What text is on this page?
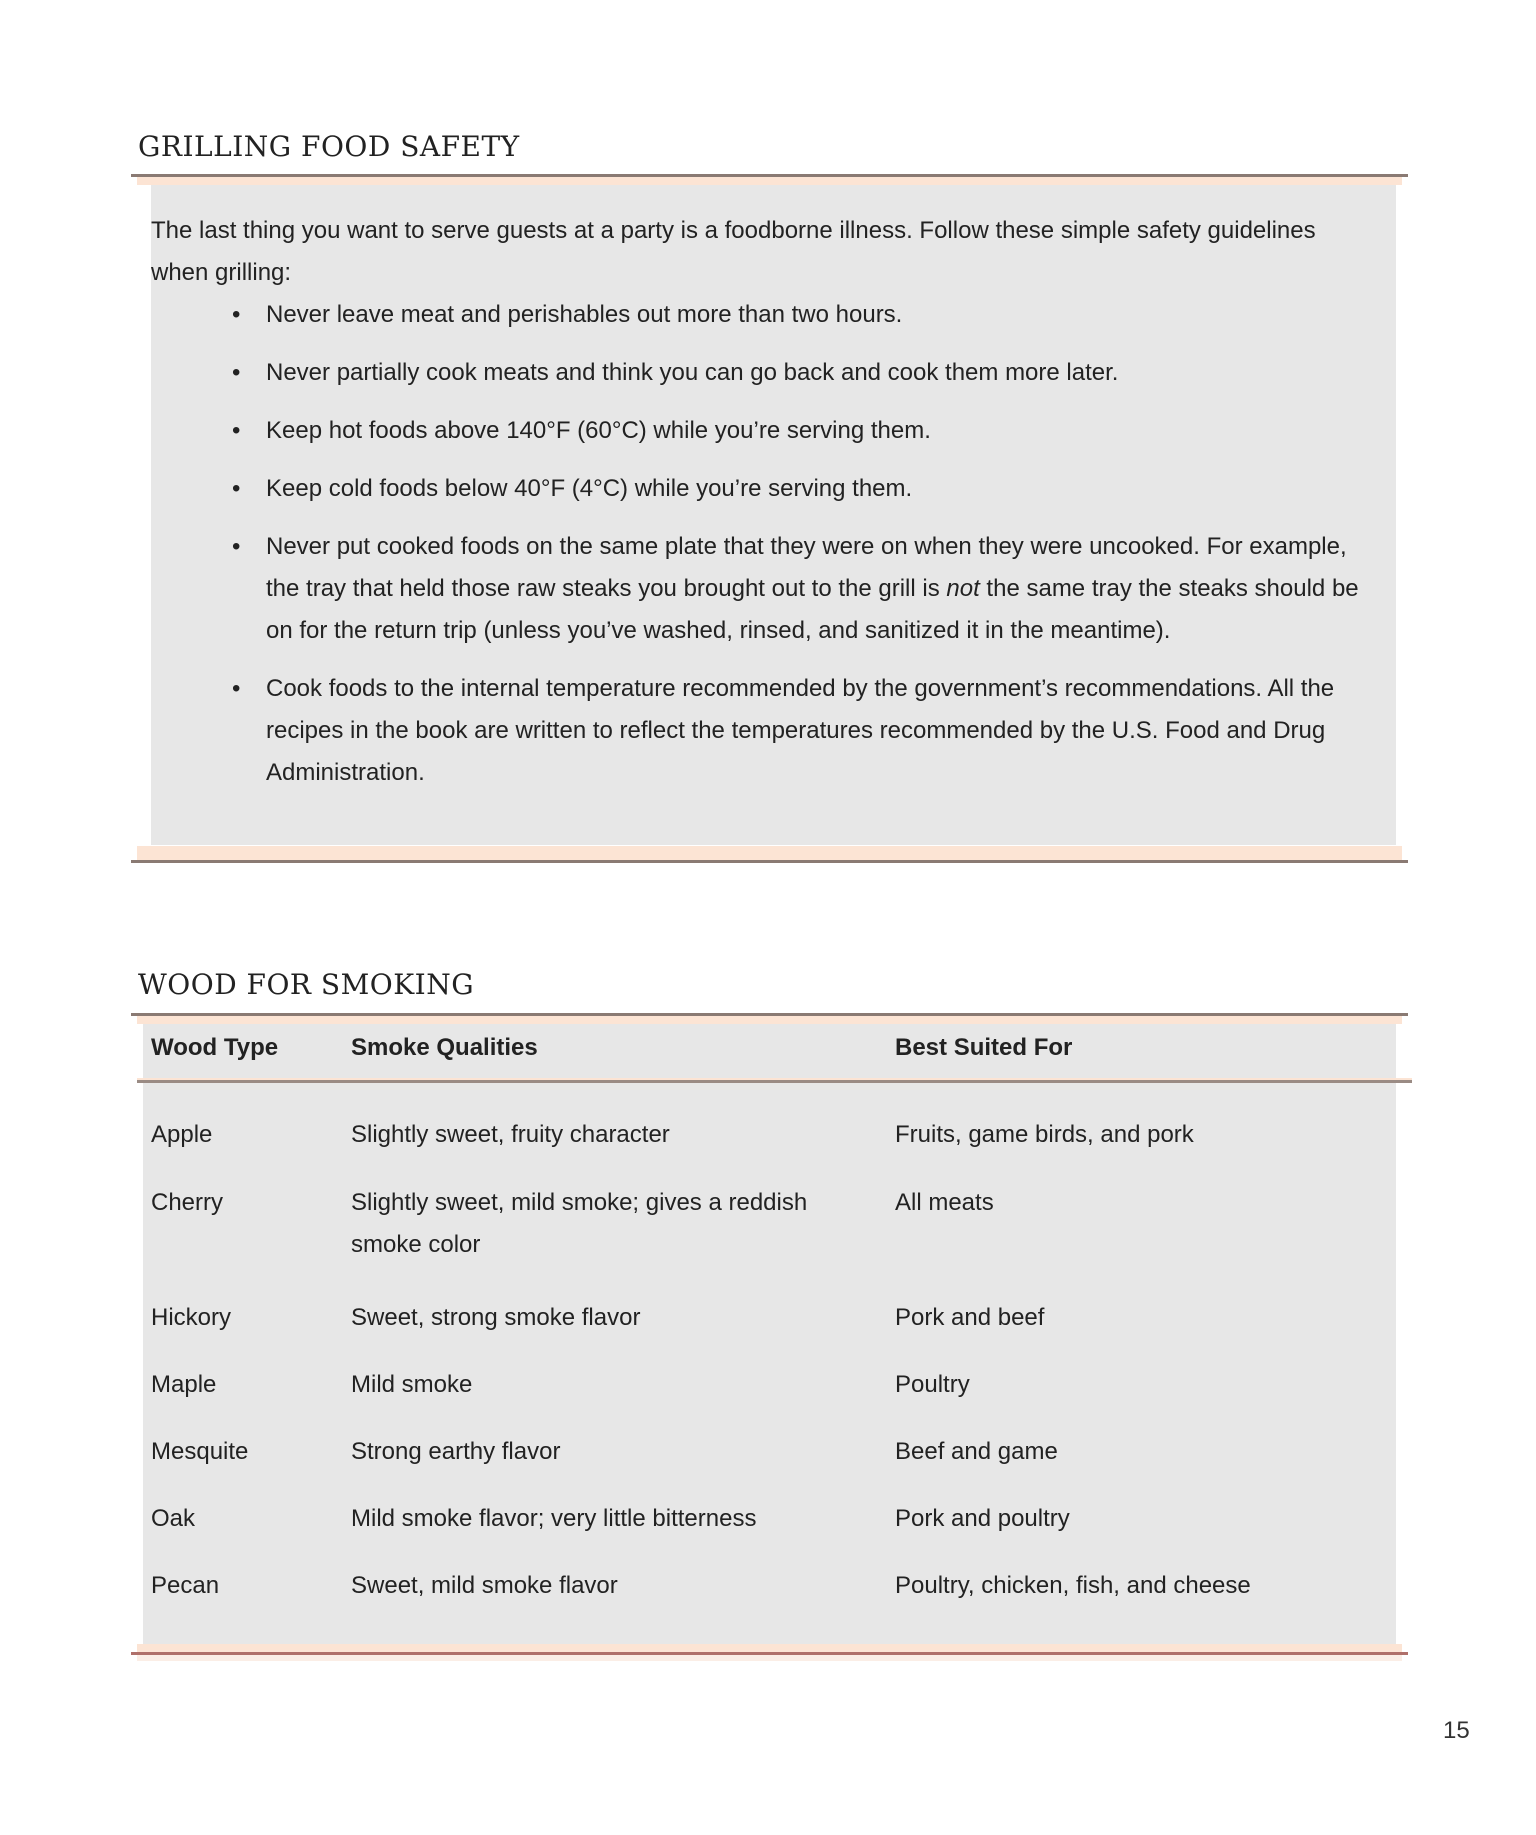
GRILLING FOOD SAFETY

The last thing you want to serve guests at a party is a foodborne illness. Follow these simple safety guidelines when grilling:

• Never leave meat and perishables out more than two hours.
• Never partially cook meats and think you can go back and cook them more later.
• Keep hot foods above 140°F (60°C) while you’re serving them.
• Keep cold foods below 40°F (4°C) while you’re serving them.
• Never put cooked foods on the same plate that they were on when they were uncooked. For example, the tray that held those raw steaks you brought out to the grill is not the same tray the steaks should be on for the return trip (unless you’ve washed, rinsed, and sanitized it in the meantime).
• Cook foods to the internal temperature recommended by the government’s recommendations. All the recipes in the book are written to reflect the temperatures recommended by the U.S. Food and Drug Administration.
WOOD FOR SMOKING
Wood Type	Smoke Qualities	Best Suited For
Apple	Slightly sweet, fruity character	Fruits, game birds, and pork
Cherry	Slightly sweet, mild smoke; gives a reddish smoke color	All meats
Hickory	Sweet, strong smoke flavor	Pork and beef
Maple	Mild smoke	Poultry
Mesquite	Strong earthy flavor	Beef and game
Oak	Mild smoke flavor; very little bitterness	Pork and poultry
Pecan	Sweet, mild smoke flavor	Poultry, chicken, fish, and cheese
15
